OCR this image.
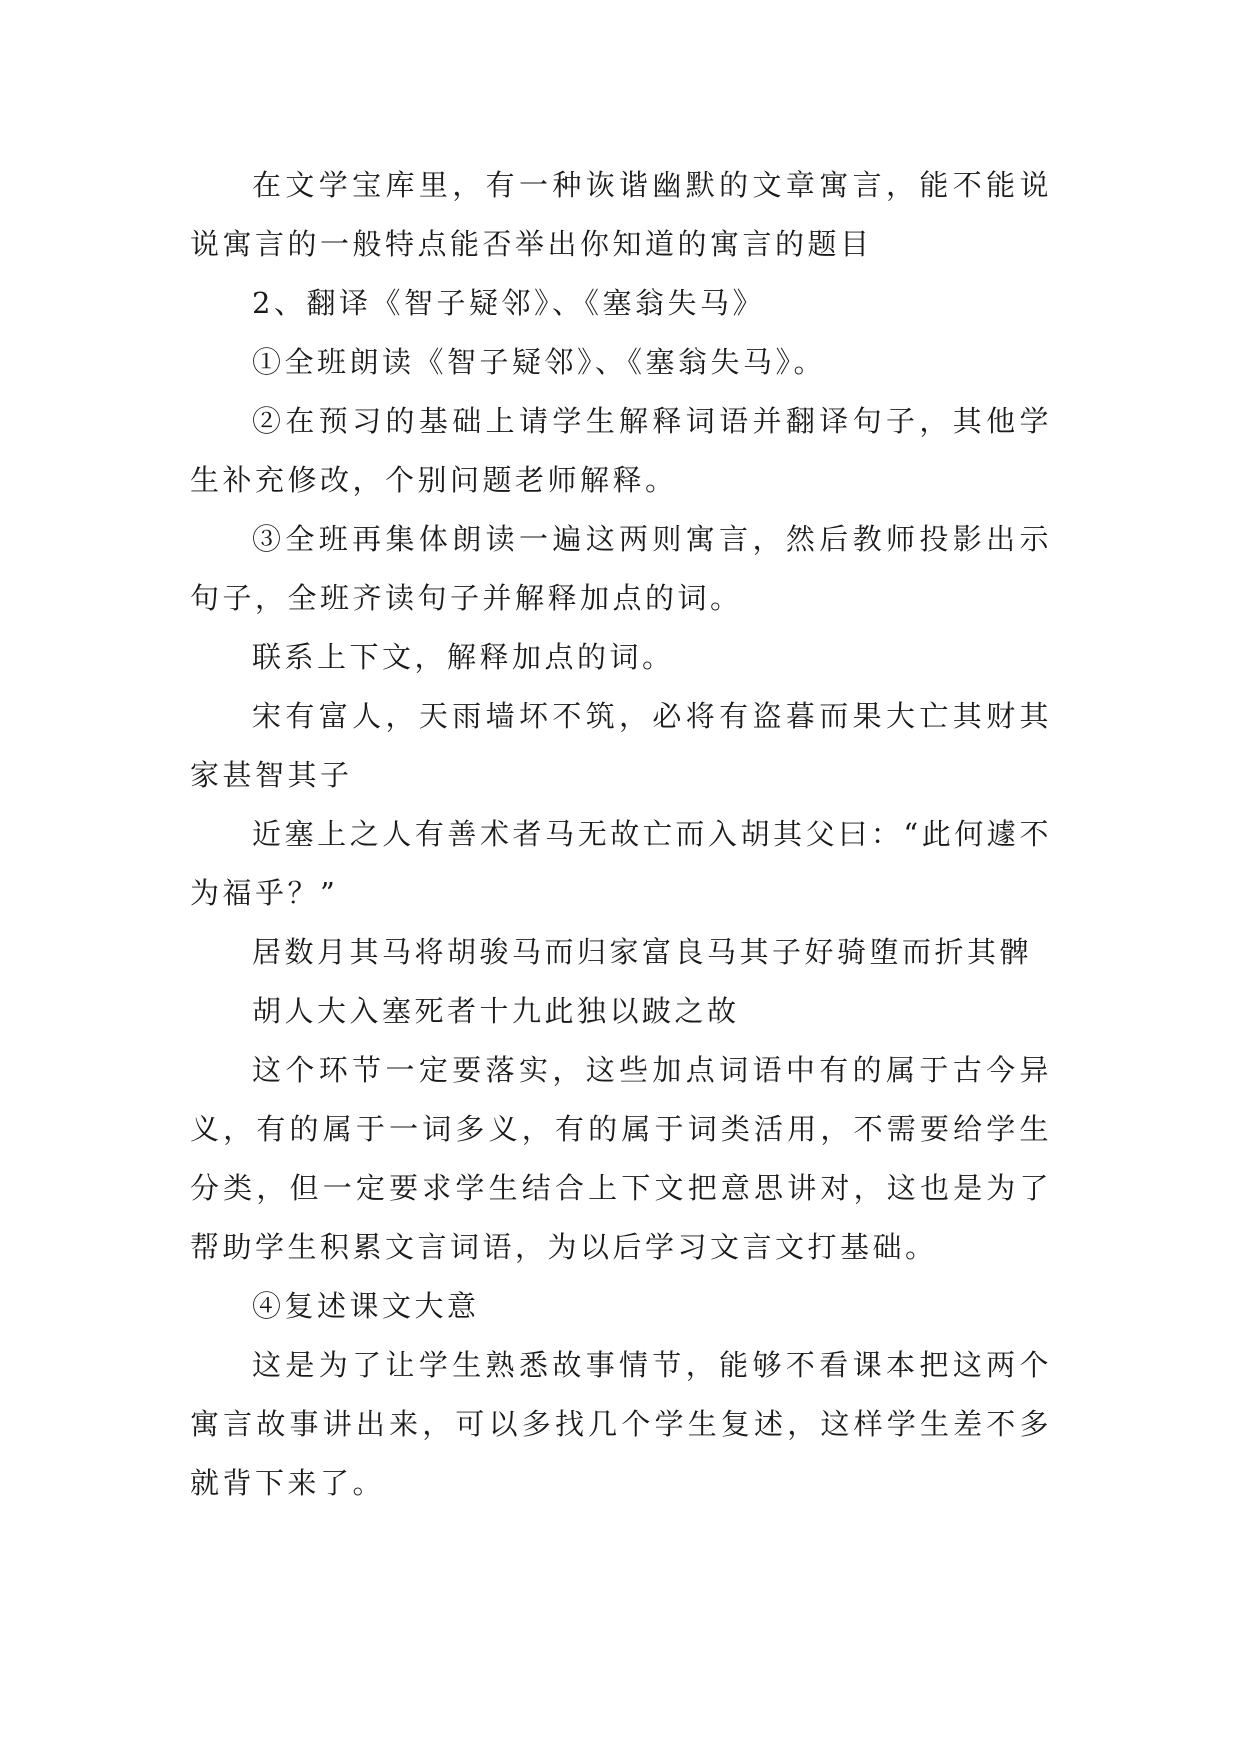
在文学宝库里，有一种诙谐幽默的文章寓言，能不能说说寓言的一般特点能否举出你知道的寓言的题目

2、翻译《智子疑邻》、《塞翁失马》

①全班朗读《智子疑邻》、《塞翁失马》。

②在预习的基础上请学生解释词语并翻译句子，其他学生补充修改，个别问题老师解释。

③全班再集体朗读一遍这两则寓言，然后教师投影出示句子，全班齐读句子并解释加点的词。

联系上下文，解释加点的词。

宋有富人，天雨墙坏不筑，必将有盗暮而果大亡其财其家甚智其子

近塞上之人有善术者马无故亡而入胡其父曰：“此何遽不为福乎？”

居数月其马将胡骏马而归家富良马其子好骑堕而折其髀

胡人大入塞死者十九此独以跛之故

这个环节一定要落实，这些加点词语中有的属于古今异义，有的属于一词多义，有的属于词类活用，不需要给学生分类，但一定要求学生结合上下文把意思讲对，这也是为了帮助学生积累文言词语，为以后学习文言文打基础。

④复述课文大意

这是为了让学生熟悉故事情节，能够不看课本把这两个寓言故事讲出来，可以多找几个学生复述，这样学生差不多就背下来了。
